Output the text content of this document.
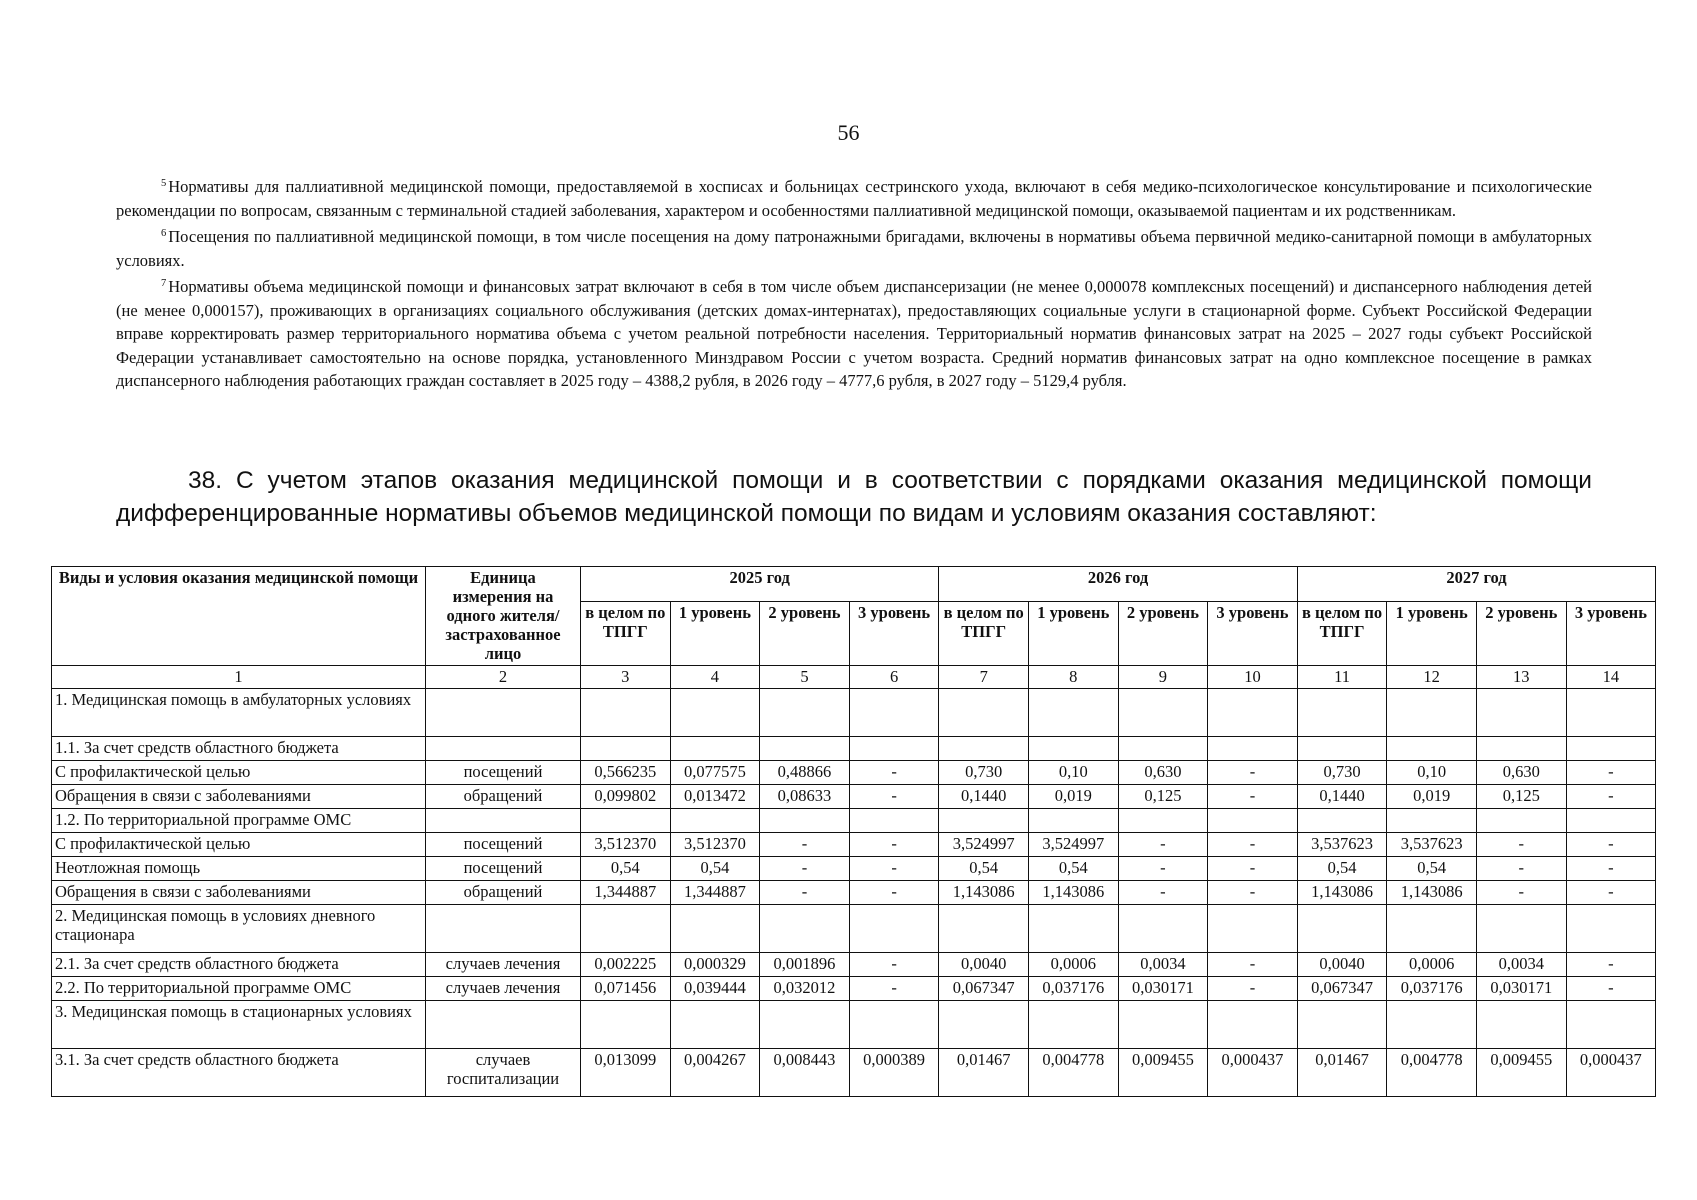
56

$^5$ Нормативы для паллиативной медицинской помощи, предоставляемой в хосписах и больницах сестринского ухода, включают в себя медико-психологическое консультирование и психологические рекомендации по вопросам, связанным с терминальной стадией заболевания, характером и особенностями паллиативной медицинской помощи, оказываемой пациентам и их родственникам.

$^6$ Посещения по паллиативной медицинской помощи, в том числе посещения на дому патронажными бригадами, включены в нормативы объема первичной медико-санитарной помощи в амбулаторных условиях.

$^7$ Нормативы объема медицинской помощи и финансовых затрат включают в себя в том числе объем диспансеризации (не менее 0,000078 комплексных посещений) и диспансерного наблюдения детей (не менее 0,000157), проживающих в организациях социального обслуживания (детских домах-интернатах), предоставляющих социальные услуги в стационарной форме. Субъект Российской Федерации вправе корректировать размер территориального норматива объема с учетом реальной потребности населения. Территориальный норматив финансовых затрат на 2025 – 2027 годы субъект Российской Федерации устанавливает самостоятельно на основе порядка, установленного Минздравом России с учетом возраста. Средний норматив финансовых затрат на одно комплексное посещение в рамках диспансерного наблюдения работающих граждан составляет в 2025 году – 4388,2 рубля, в 2026 году – 4777,6 рубля, в 2027 году – 5129,4 рубля.

38. С учетом этапов оказания медицинской помощи и в соответствии с порядками оказания медицинской помощи дифференцированные нормативы объемов медицинской помощи по видам и условиям оказания составляют:

Виды и условия оказания медицинской помощи	Единица измерения на одного жителя/ застрахованное лицо	2025 год				2026 год				2027 год			
		в целом по ТПГГ	1 уровень	2 уровень	3 уровень	в целом по ТПГГ	1 уровень	2 уровень	3 уровень	в целом по ТПГГ	1 уровень	2 уровень	3 уровень
1	2	3	4	5	6	7	8	9	10	11	12	13	14
1. Медицинская помощь в амбулаторных условиях													
1.1. За счет средств областного бюджета													
С профилактической целью	посещений	0,566235	0,077575	0,48866	-	0,730	0,10	0,630	-	0,730	0,10	0,630	-
Обращения в связи с заболеваниями	обращений	0,099802	0,013472	0,08633	-	0,1440	0,019	0,125	-	0,1440	0,019	0,125	-
1.2. По территориальной программе ОМС													
С профилактической целью	посещений	3,512370	3,512370	-	-	3,524997	3,524997	-	-	3,537623	3,537623	-	-
Неотложная помощь	посещений	0,54	0,54	-	-	0,54	0,54	-	-	0,54	0,54	-	-
Обращения в связи с заболеваниями	обращений	1,344887	1,344887	-	-	1,143086	1,143086	-	-	1,143086	1,143086	-	-
2. Медицинская помощь в условиях дневного стационара													
2.1. За счет средств областного бюджета	случаев лечения	0,002225	0,000329	0,001896	-	0,0040	0,0006	0,0034	-	0,0040	0,0006	0,0034	-
2.2. По территориальной программе ОМС	случаев лечения	0,071456	0,039444	0,032012	-	0,067347	0,037176	0,030171	-	0,067347	0,037176	0,030171	-
3. Медицинская помощь в стационарных условиях													
3.1. За счет средств областного бюджета	случаев госпитализации	0,013099	0,004267	0,008443	0,000389	0,01467	0,004778	0,009455	0,000437	0,01467	0,004778	0,009455	0,000437
